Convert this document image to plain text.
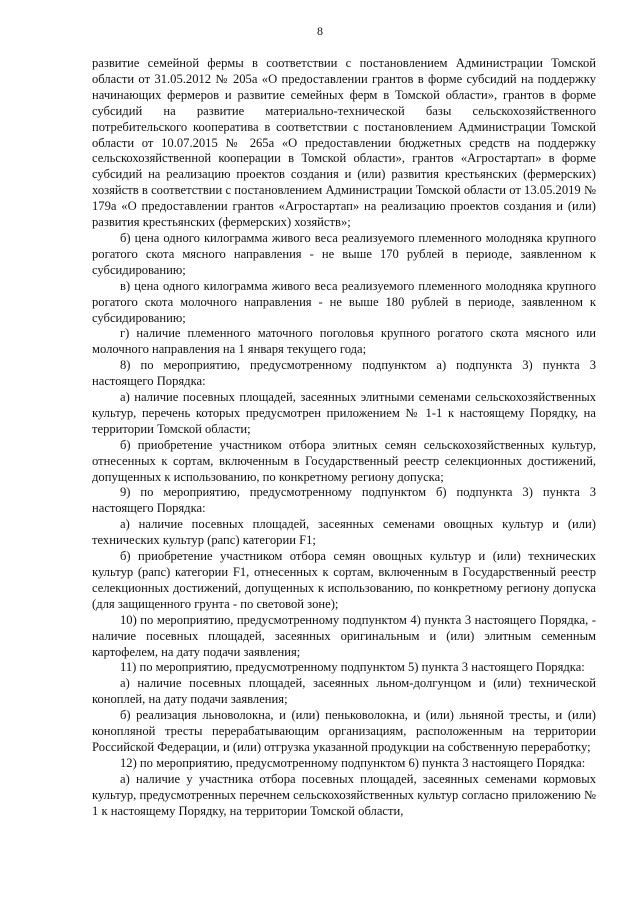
8

развитие семейной фермы в соответствии с постановлением Администрации Томской области от 31.05.2012 № 205а «О предоставлении грантов в форме субсидий на поддержку начинающих фермеров и развитие семейных ферм в Томской области», грантов в форме субсидий на развитие материально-технической базы сельскохозяйственного потребительского кооператива в соответствии с постановлением Администрации Томской области от 10.07.2015 № 265а «О предоставлении бюджетных средств на поддержку сельскохозяйственной кооперации в Томской области», грантов «Агростартап» в форме субсидий на реализацию проектов создания и (или) развития крестьянских (фермерских) хозяйств в соответствии с постановлением Администрации Томской области от 13.05.2019 № 179а «О предоставлении грантов «Агростартап» на реализацию проектов создания и (или) развития крестьянских (фермерских) хозяйств»;

б) цена одного килограмма живого веса реализуемого племенного молодняка крупного рогатого скота мясного направления - не выше 170 рублей в периоде, заявленном к субсидированию;

в) цена одного килограмма живого веса реализуемого племенного молодняка крупного рогатого скота молочного направления - не выше 180 рублей в периоде, заявленном к субсидированию;

г) наличие племенного маточного поголовья крупного рогатого скота мясного или молочного направления на 1 января текущего года;

8) по мероприятию, предусмотренному подпунктом а) подпункта 3) пункта 3 настоящего Порядка:

а) наличие посевных площадей, засеянных элитными семенами сельскохозяйственных культур, перечень которых предусмотрен приложением № 1-1 к настоящему Порядку, на территории Томской области;

б) приобретение участником отбора элитных семян сельскохозяйственных культур, отнесенных к сортам, включенным в Государственный реестр селекционных достижений, допущенных к использованию, по конкретному региону допуска;

9) по мероприятию, предусмотренному подпунктом б) подпункта 3) пункта 3 настоящего Порядка:

а) наличие посевных площадей, засеянных семенами овощных культур и (или) технических культур (рапс) категории F1;

б) приобретение участником отбора семян овощных культур и (или) технических культур (рапс) категории F1, отнесенных к сортам, включенным в Государственный реестр селекционных достижений, допущенных к использованию, по конкретному региону допуска (для защищенного грунта - по световой зоне);

10) по мероприятию, предусмотренному подпунктом 4) пункта 3 настоящего Порядка, - наличие посевных площадей, засеянных оригинальным и (или) элитным семенным картофелем, на дату подачи заявления;

11) по мероприятию, предусмотренному подпунктом 5) пункта 3 настоящего Порядка:

а) наличие посевных площадей, засеянных льном-долгунцом и (или) технической коноплей, на дату подачи заявления;

б) реализация льноволокна, и (или) пеньковолокна, и (или) льняной тресты, и (или) конопляной тресты перерабатывающим организациям, расположенным на территории Российской Федерации, и (или) отгрузка указанной продукции на собственную переработку;

12) по мероприятию, предусмотренному подпунктом 6) пункта 3 настоящего Порядка:

а) наличие у участника отбора посевных площадей, засеянных семенами кормовых культур, предусмотренных перечнем сельскохозяйственных культур согласно приложению № 1 к настоящему Порядку, на территории Томской области,
